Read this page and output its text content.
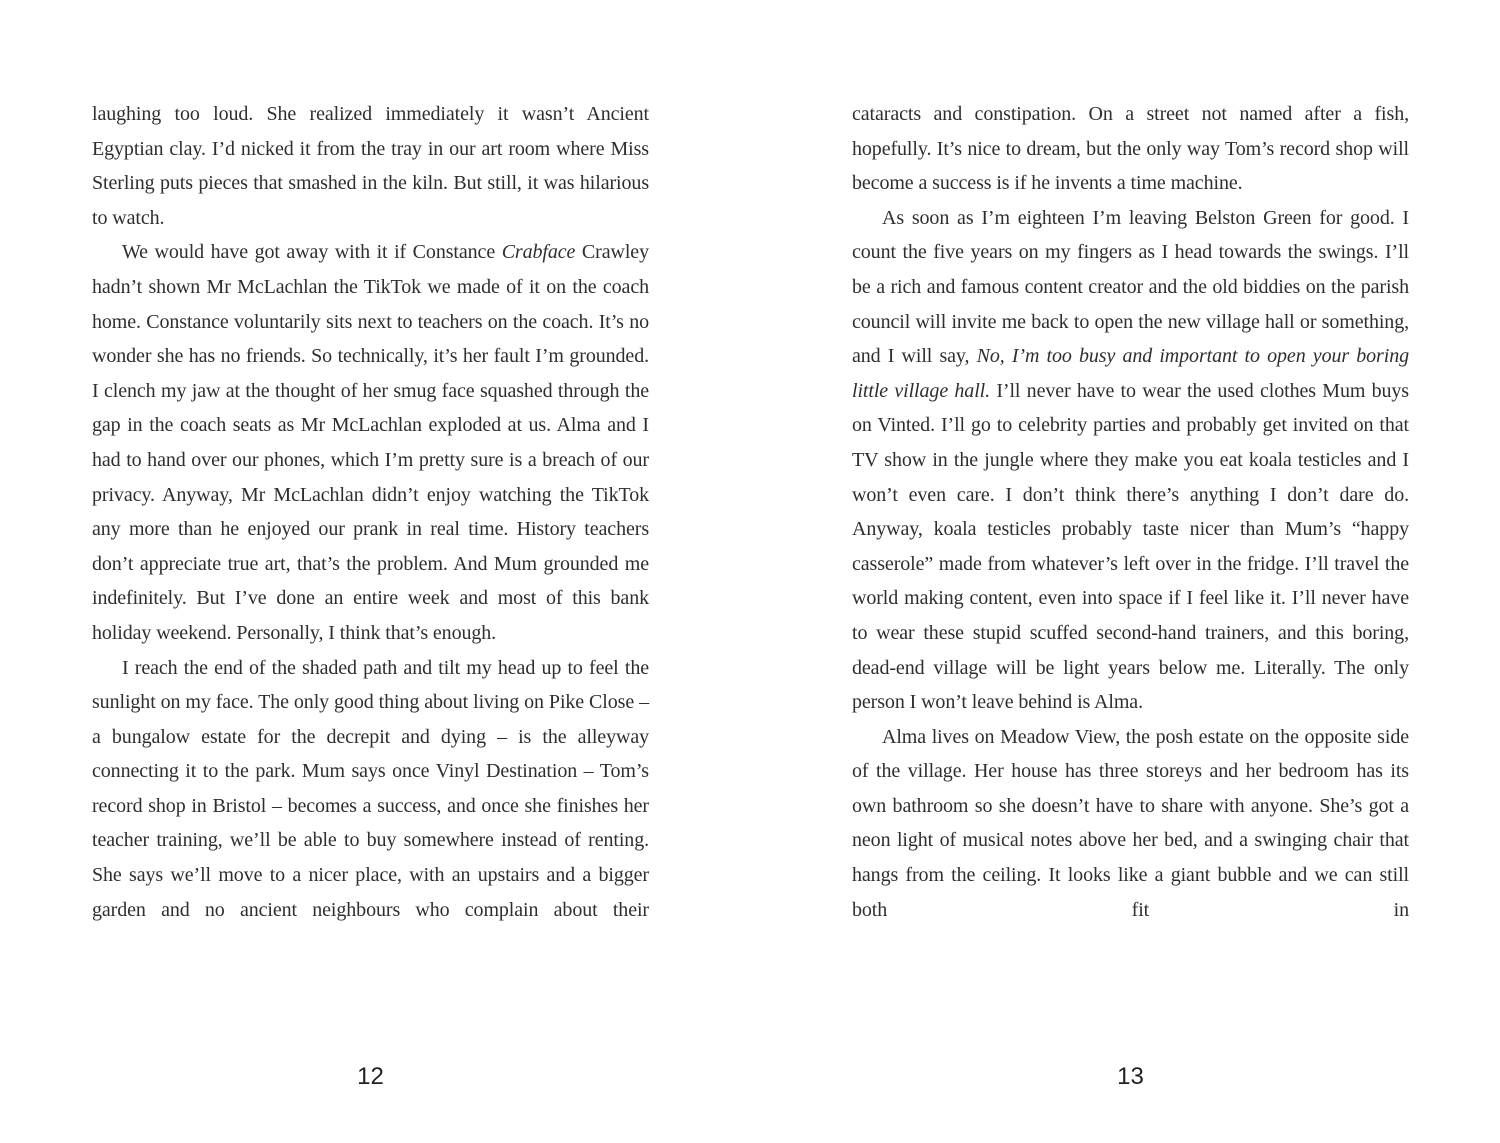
laughing too loud. She realized immediately it wasn’t Ancient Egyptian clay. I’d nicked it from the tray in our art room where Miss Sterling puts pieces that smashed in the kiln. But still, it was hilarious to watch.

We would have got away with it if Constance Crabface Crawley hadn’t shown Mr McLachlan the TikTok we made of it on the coach home. Constance voluntarily sits next to teachers on the coach. It’s no wonder she has no friends. So technically, it’s her fault I’m grounded. I clench my jaw at the thought of her smug face squashed through the gap in the coach seats as Mr McLachlan exploded at us. Alma and I had to hand over our phones, which I’m pretty sure is a breach of our privacy. Anyway, Mr McLachlan didn’t enjoy watching the TikTok any more than he enjoyed our prank in real time. History teachers don’t appreciate true art, that’s the problem. And Mum grounded me indefinitely. But I’ve done an entire week and most of this bank holiday weekend. Personally, I think that’s enough.

I reach the end of the shaded path and tilt my head up to feel the sunlight on my face. The only good thing about living on Pike Close – a bungalow estate for the decrepit and dying – is the alleyway connecting it to the park. Mum says once Vinyl Destination – Tom’s record shop in Bristol – becomes a success, and once she finishes her teacher training, we’ll be able to buy somewhere instead of renting. She says we’ll move to a nicer place, with an upstairs and a bigger garden and no ancient neighbours who complain about their

12

cataracts and constipation. On a street not named after a fish, hopefully. It’s nice to dream, but the only way Tom’s record shop will become a success is if he invents a time machine.

As soon as I’m eighteen I’m leaving Belston Green for good. I count the five years on my fingers as I head towards the swings. I’ll be a rich and famous content creator and the old biddies on the parish council will invite me back to open the new village hall or something, and I will say, No, I’m too busy and important to open your boring little village hall. I’ll never have to wear the used clothes Mum buys on Vinted. I’ll go to celebrity parties and probably get invited on that TV show in the jungle where they make you eat koala testicles and I won’t even care. I don’t think there’s anything I don’t dare do. Anyway, koala testicles probably taste nicer than Mum’s “happy casserole” made from whatever’s left over in the fridge. I’ll travel the world making content, even into space if I feel like it. I’ll never have to wear these stupid scuffed second-hand trainers, and this boring, dead-end village will be light years below me. Literally. The only person I won’t leave behind is Alma.

Alma lives on Meadow View, the posh estate on the opposite side of the village. Her house has three storeys and her bedroom has its own bathroom so she doesn’t have to share with anyone. She’s got a neon light of musical notes above her bed, and a swinging chair that hangs from the ceiling. It looks like a giant bubble and we can still both fit in

13
